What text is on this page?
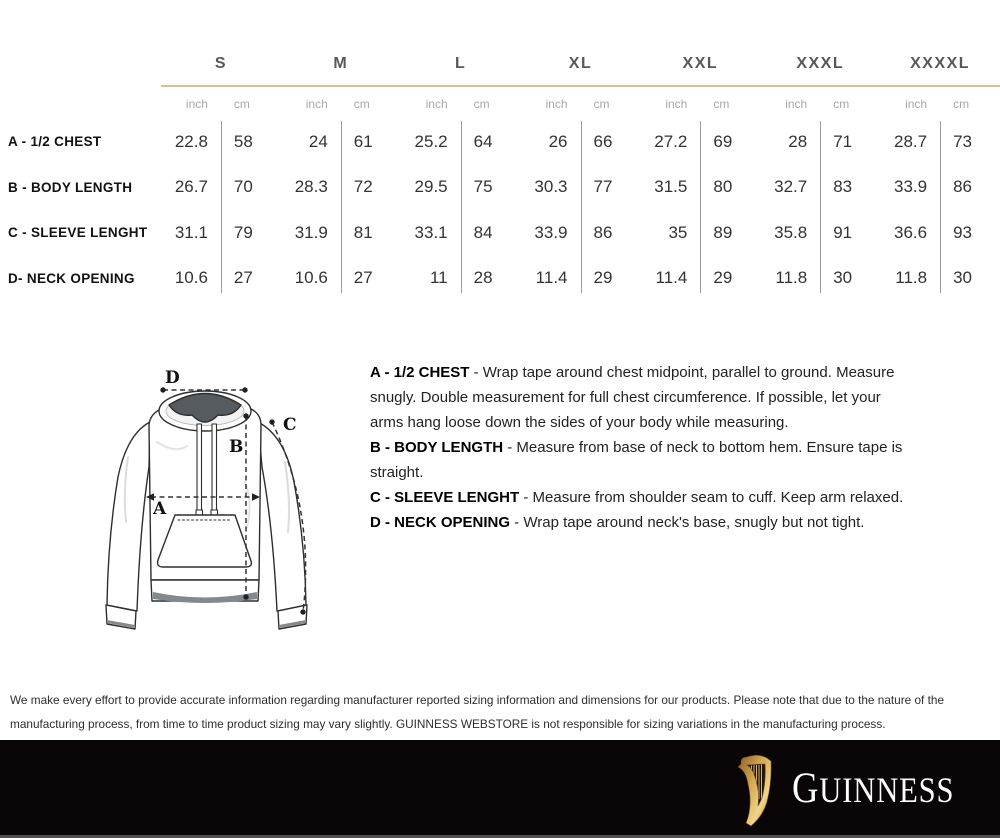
S	M	L	XL	XXL	XXXL	XXXXL
inch	cm	inch	cm	inch	cm	inch	cm	inch	cm	inch	cm	inch	cm
A - 1/2 CHEST	22.8	58	24	61	25.2	64	26	66	27.2	69	28	71	28.7	73
B - BODY LENGTH	26.7	70	28.3	72	29.5	75	30.3	77	31.5	80	32.7	83	33.9	86
C - SLEEVE LENGHT	31.1	79	31.9	81	33.1	84	33.9	86	35	89	35.8	91	36.6	93
D- NECK OPENING	10.6	27	10.6	27	11	28	11.4	29	11.4	29	11.8	30	11.8	30
D
B
C
A
A - 1/2 CHEST - Wrap tape around chest midpoint, parallel to ground. Measure snugly. Double measurement for full chest circumference. If possible, let your arms hang loose down the sides of your body while measuring.
B - BODY LENGTH - Measure from base of neck to bottom hem. Ensure tape is straight.
C - SLEEVE LENGHT - Measure from shoulder seam to cuff. Keep arm relaxed.
D - NECK OPENING - Wrap tape around neck's base, snugly but not tight.
We make every effort to provide accurate information regarding manufacturer reported sizing information and dimensions for our products. Please note that due to the nature of the manufacturing process, from time to time product sizing may vary slightly. GUINNESS WEBSTORE is not responsible for sizing variations in the manufacturing process.
GUINNESS
